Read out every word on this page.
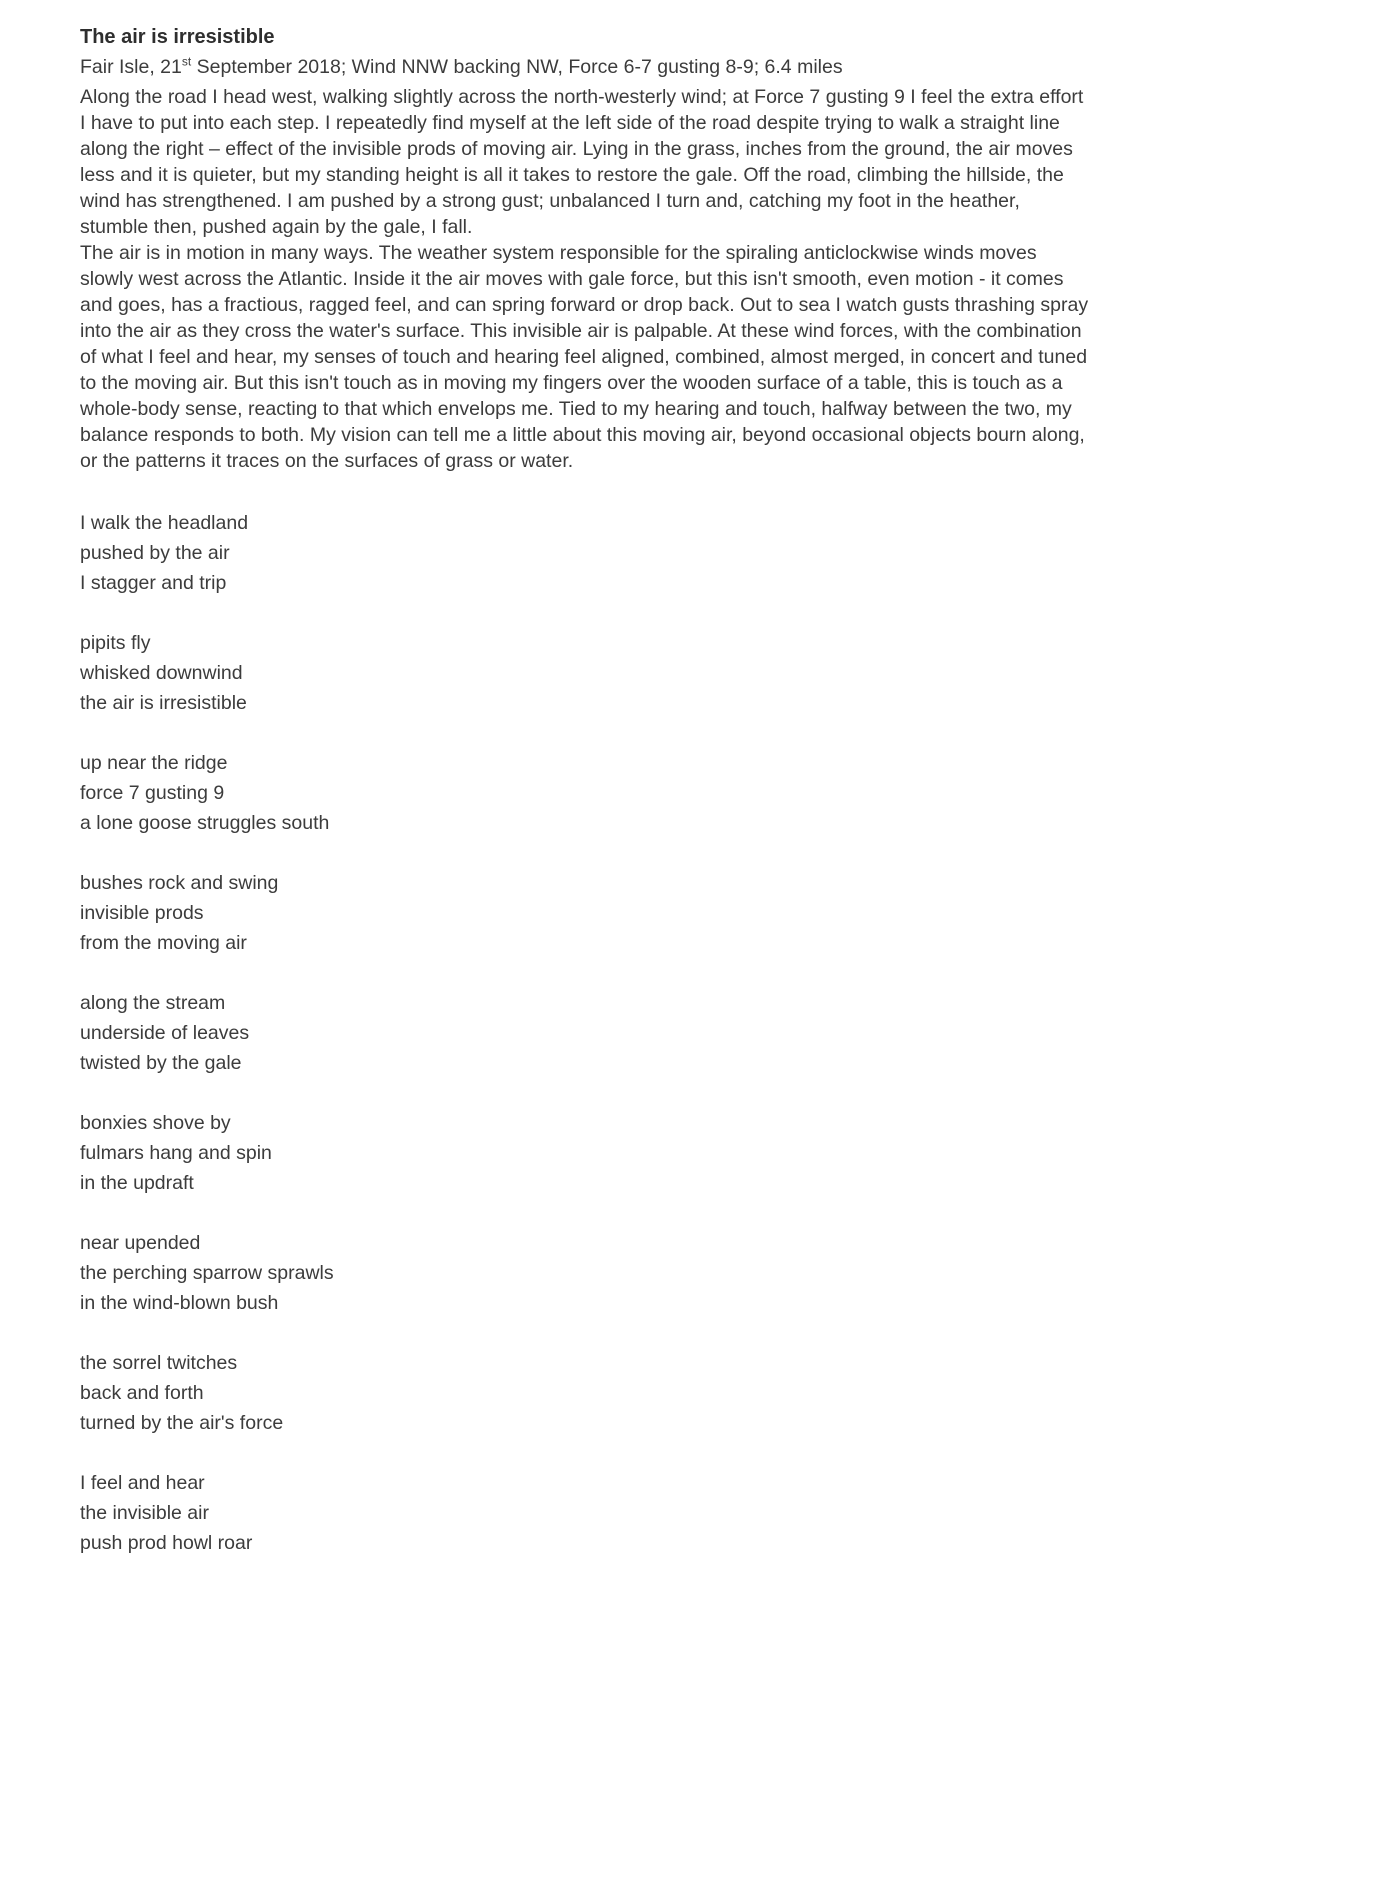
The air is irresistible

Fair Isle, 21st September 2018; Wind NNW backing NW, Force 6-7 gusting 8-9; 6.4 miles

Along the road I head west, walking slightly across the north-westerly wind; at Force 7 gusting 9 I feel the extra effort I have to put into each step. I repeatedly find myself at the left side of the road despite trying to walk a straight line along the right – effect of the invisible prods of moving air. Lying in the grass, inches from the ground, the air moves less and it is quieter, but my standing height is all it takes to restore the gale. Off the road, climbing the hillside, the wind has strengthened. I am pushed by a strong gust; unbalanced I turn and, catching my foot in the heather, stumble then, pushed again by the gale, I fall.

The air is in motion in many ways. The weather system responsible for the spiraling anticlockwise winds moves slowly west across the Atlantic. Inside it the air moves with gale force, but this isn't smooth, even motion - it comes and goes, has a fractious, ragged feel, and can spring forward or drop back. Out to sea I watch gusts thrashing spray into the air as they cross the water's surface. This invisible air is palpable. At these wind forces, with the combination of what I feel and hear, my senses of touch and hearing feel aligned, combined, almost merged, in concert and tuned to the moving air. But this isn't touch as in moving my fingers over the wooden surface of a table, this is touch as a whole-body sense, reacting to that which envelops me. Tied to my hearing and touch, halfway between the two, my balance responds to both. My vision can tell me a little about this moving air, beyond occasional objects bourn along, or the patterns it traces on the surfaces of grass or water.

I walk the headland
pushed by the air
I stagger and trip
pipits fly
whisked downwind
the air is irresistible
up near the ridge
force 7 gusting 9
a lone goose struggles south
bushes rock and swing
invisible prods
from the moving air
along the stream
underside of leaves
twisted by the gale
bonxies shove by
fulmars hang and spin
in the updraft
near upended
the perching sparrow sprawls
in the wind-blown bush
the sorrel twitches
back and forth
turned by the air's force
I feel and hear
the invisible air
push prod howl roar
